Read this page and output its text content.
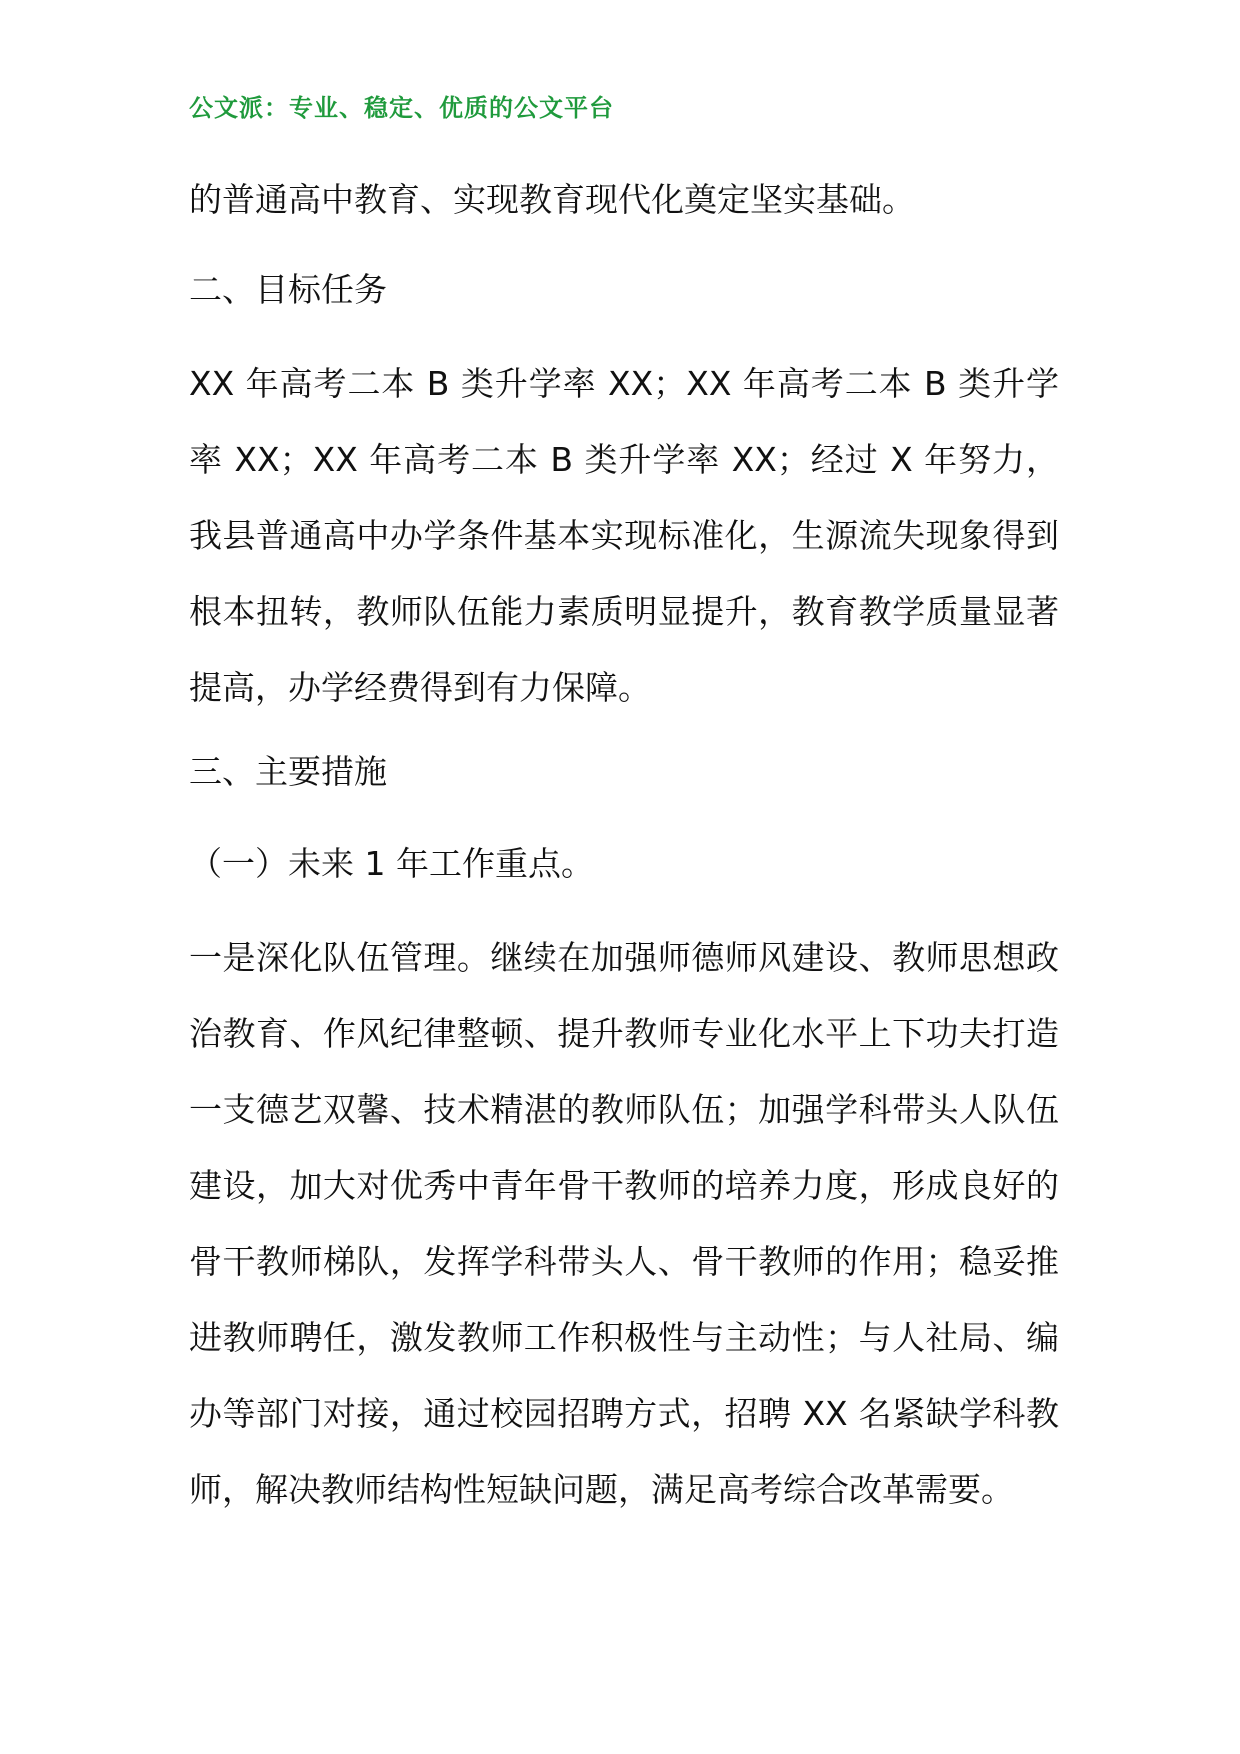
公文派：专业、稳定、优质的公文平台

的普通高中教育、实现教育现代化奠定坚实基础。

二、目标任务

XX 年高考二本 B 类升学率 XX；XX 年高考二本 B 类升学率 XX；XX 年高考二本 B 类升学率 XX；经过 X 年努力，我县普通高中办学条件基本实现标准化，生源流失现象得到根本扭转，教师队伍能力素质明显提升，教育教学质量显著提高，办学经费得到有力保障。

三、主要措施

（一）未来 1 年工作重点。

一是深化队伍管理。继续在加强师德师风建设、教师思想政治教育、作风纪律整顿、提升教师专业化水平上下功夫打造一支德艺双馨、技术精湛的教师队伍；加强学科带头人队伍建设，加大对优秀中青年骨干教师的培养力度，形成良好的骨干教师梯队，发挥学科带头人、骨干教师的作用；稳妥推进教师聘任，激发教师工作积极性与主动性；与人社局、编办等部门对接，通过校园招聘方式，招聘 XX 名紧缺学科教师，解决教师结构性短缺问题，满足高考综合改革需要。
